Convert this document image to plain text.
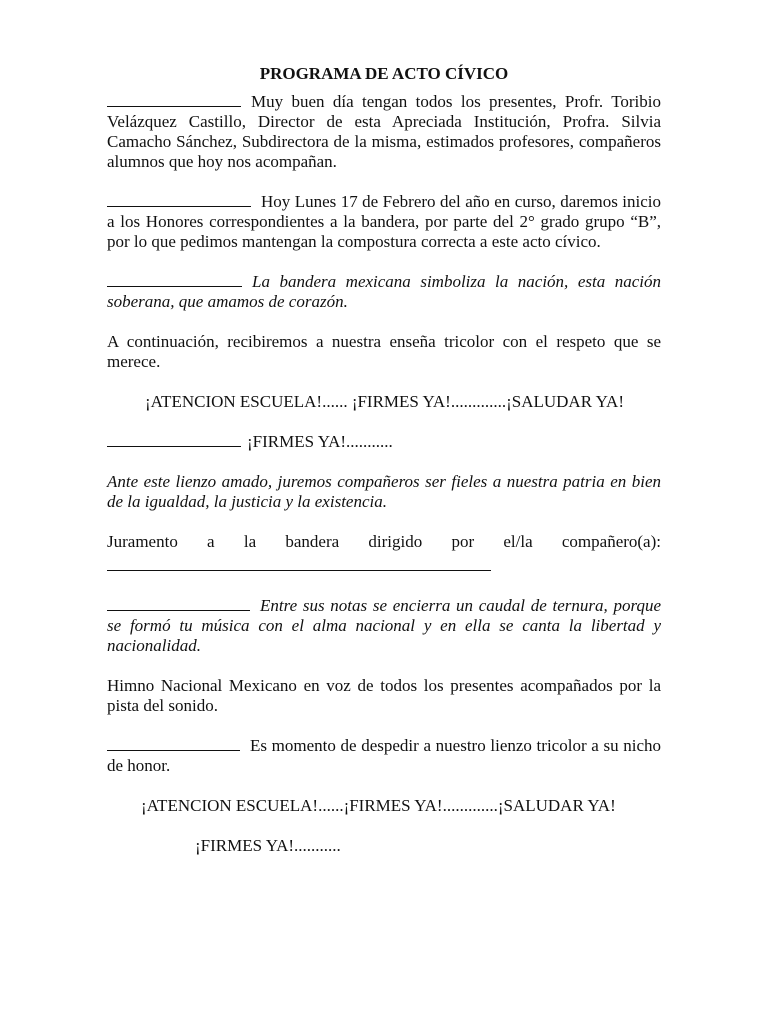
PROGRAMA DE ACTO CÍVICO

Muy buen día tengan todos los presentes, Profr. Toribio Velázquez Castillo, Director de esta Apreciada Institución, Profra. Silvia Camacho Sánchez, Subdirectora de la misma, estimados profesores, compañeros alumnos que hoy nos acompañan.

Hoy Lunes 17 de Febrero del año en curso, daremos inicio a los Honores correspondientes a la bandera, por parte del 2° grado grupo “B”, por lo que pedimos mantengan la compostura correcta a este acto cívico.

La bandera mexicana simboliza la nación, esta nación soberana, que amamos de corazón.

A continuación, recibiremos a nuestra enseña tricolor con el respeto que se merece.

¡ATENCION ESCUELA!...... ¡FIRMES YA!.............¡SALUDAR YA!
¡FIRMES YA!...........

Ante este lienzo amado, juremos compañeros ser fieles a nuestra patria en bien de la igualdad, la justicia y la existencia.

Juramento a la bandera dirigido por el/la compañero(a):

Entre sus notas se encierra un caudal de ternura, porque se formó tu música con el alma nacional y en ella se canta la libertad y nacionalidad.

Himno Nacional Mexicano en voz de todos los presentes acompañados por la pista del sonido.

Es momento de despedir a nuestro lienzo tricolor a su nicho de honor.

¡ATENCION ESCUELA!......¡FIRMES YA!.............¡SALUDAR YA!
¡FIRMES YA!...........
